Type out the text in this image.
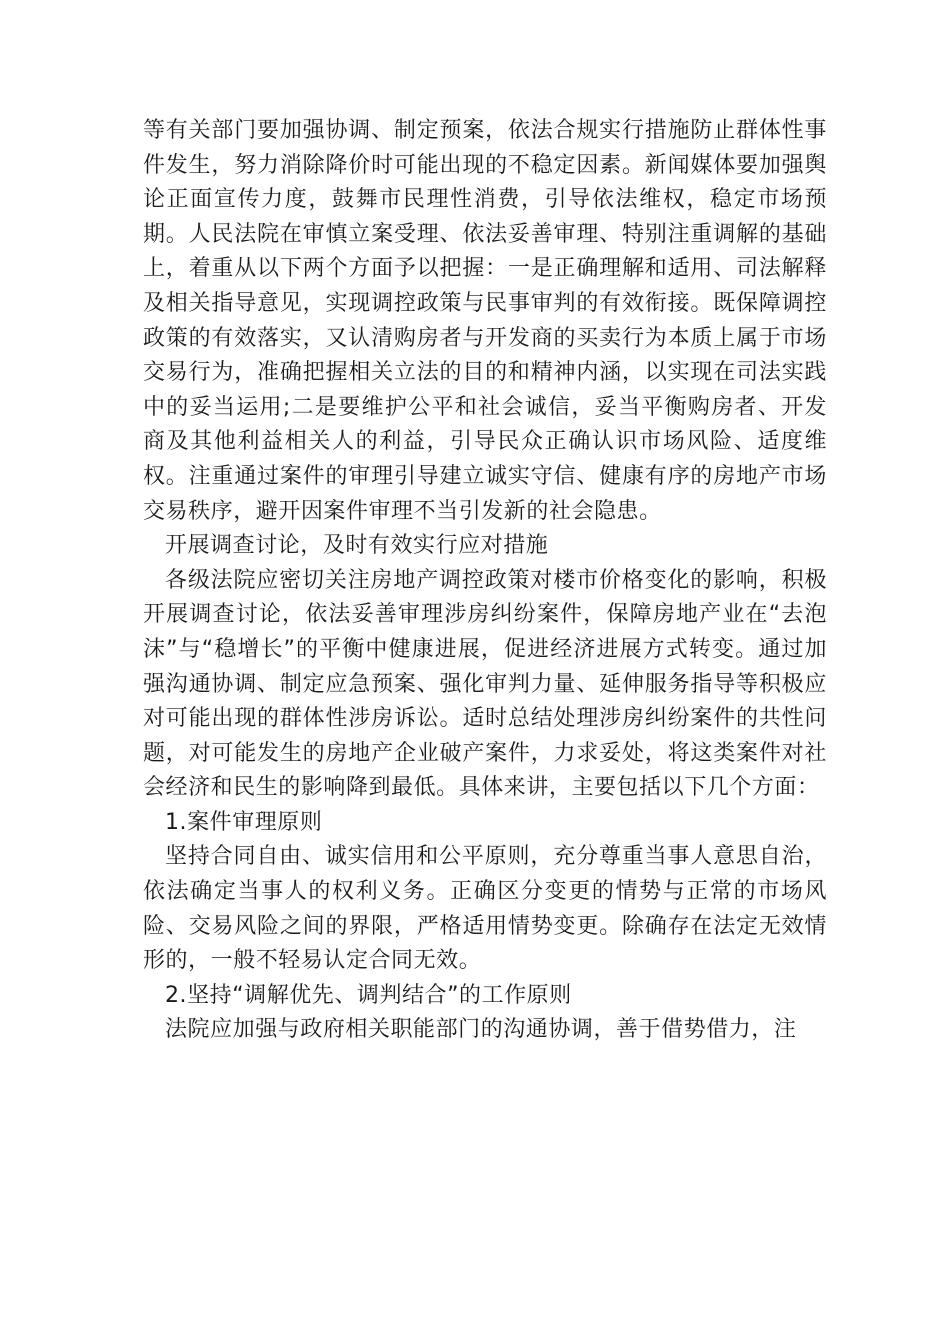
等有关部门要加强协调、制定预案，依法合规实行措施防止群体性事件发生，努力消除降价时可能出现的不稳定因素。新闻媒体要加强舆论正面宣传力度，鼓舞市民理性消费，引导依法维权，稳定市场预期。人民法院在审慎立案受理、依法妥善审理、特别注重调解的基础上，着重从以下两个方面予以把握：一是正确理解和适用、司法解释及相关指导意见，实现调控政策与民事审判的有效衔接。既保障调控政策的有效落实，又认清购房者与开发商的买卖行为本质上属于市场交易行为，准确把握相关立法的目的和精神内涵，以实现在司法实践中的妥当运用;二是要维护公平和社会诚信，妥当平衡购房者、开发商及其他利益相关人的利益，引导民众正确认识市场风险、适度维权。注重通过案件的审理引导建立诚实守信、健康有序的房地产市场交易秩序，避开因案件审理不当引发新的社会隐患。

开展调查讨论，及时有效实行应对措施

各级法院应密切关注房地产调控政策对楼市价格变化的影响，积极开展调查讨论，依法妥善审理涉房纠纷案件，保障房地产业在“去泡沫”与“稳增长”的平衡中健康进展，促进经济进展方式转变。通过加强沟通协调、制定应急预案、强化审判力量、延伸服务指导等积极应对可能出现的群体性涉房诉讼。适时总结处理涉房纠纷案件的共性问题，对可能发生的房地产企业破产案件，力求妥处，将这类案件对社会经济和民生的影响降到最低。具体来讲，主要包括以下几个方面：

1.案件审理原则

坚持合同自由、诚实信用和公平原则，充分尊重当事人意思自治，依法确定当事人的权利义务。正确区分变更的情势与正常的市场风险、交易风险之间的界限，严格适用情势变更。除确存在法定无效情形的，一般不轻易认定合同无效。

2.坚持“调解优先、调判结合”的工作原则

法院应加强与政府相关职能部门的沟通协调，善于借势借力，注
